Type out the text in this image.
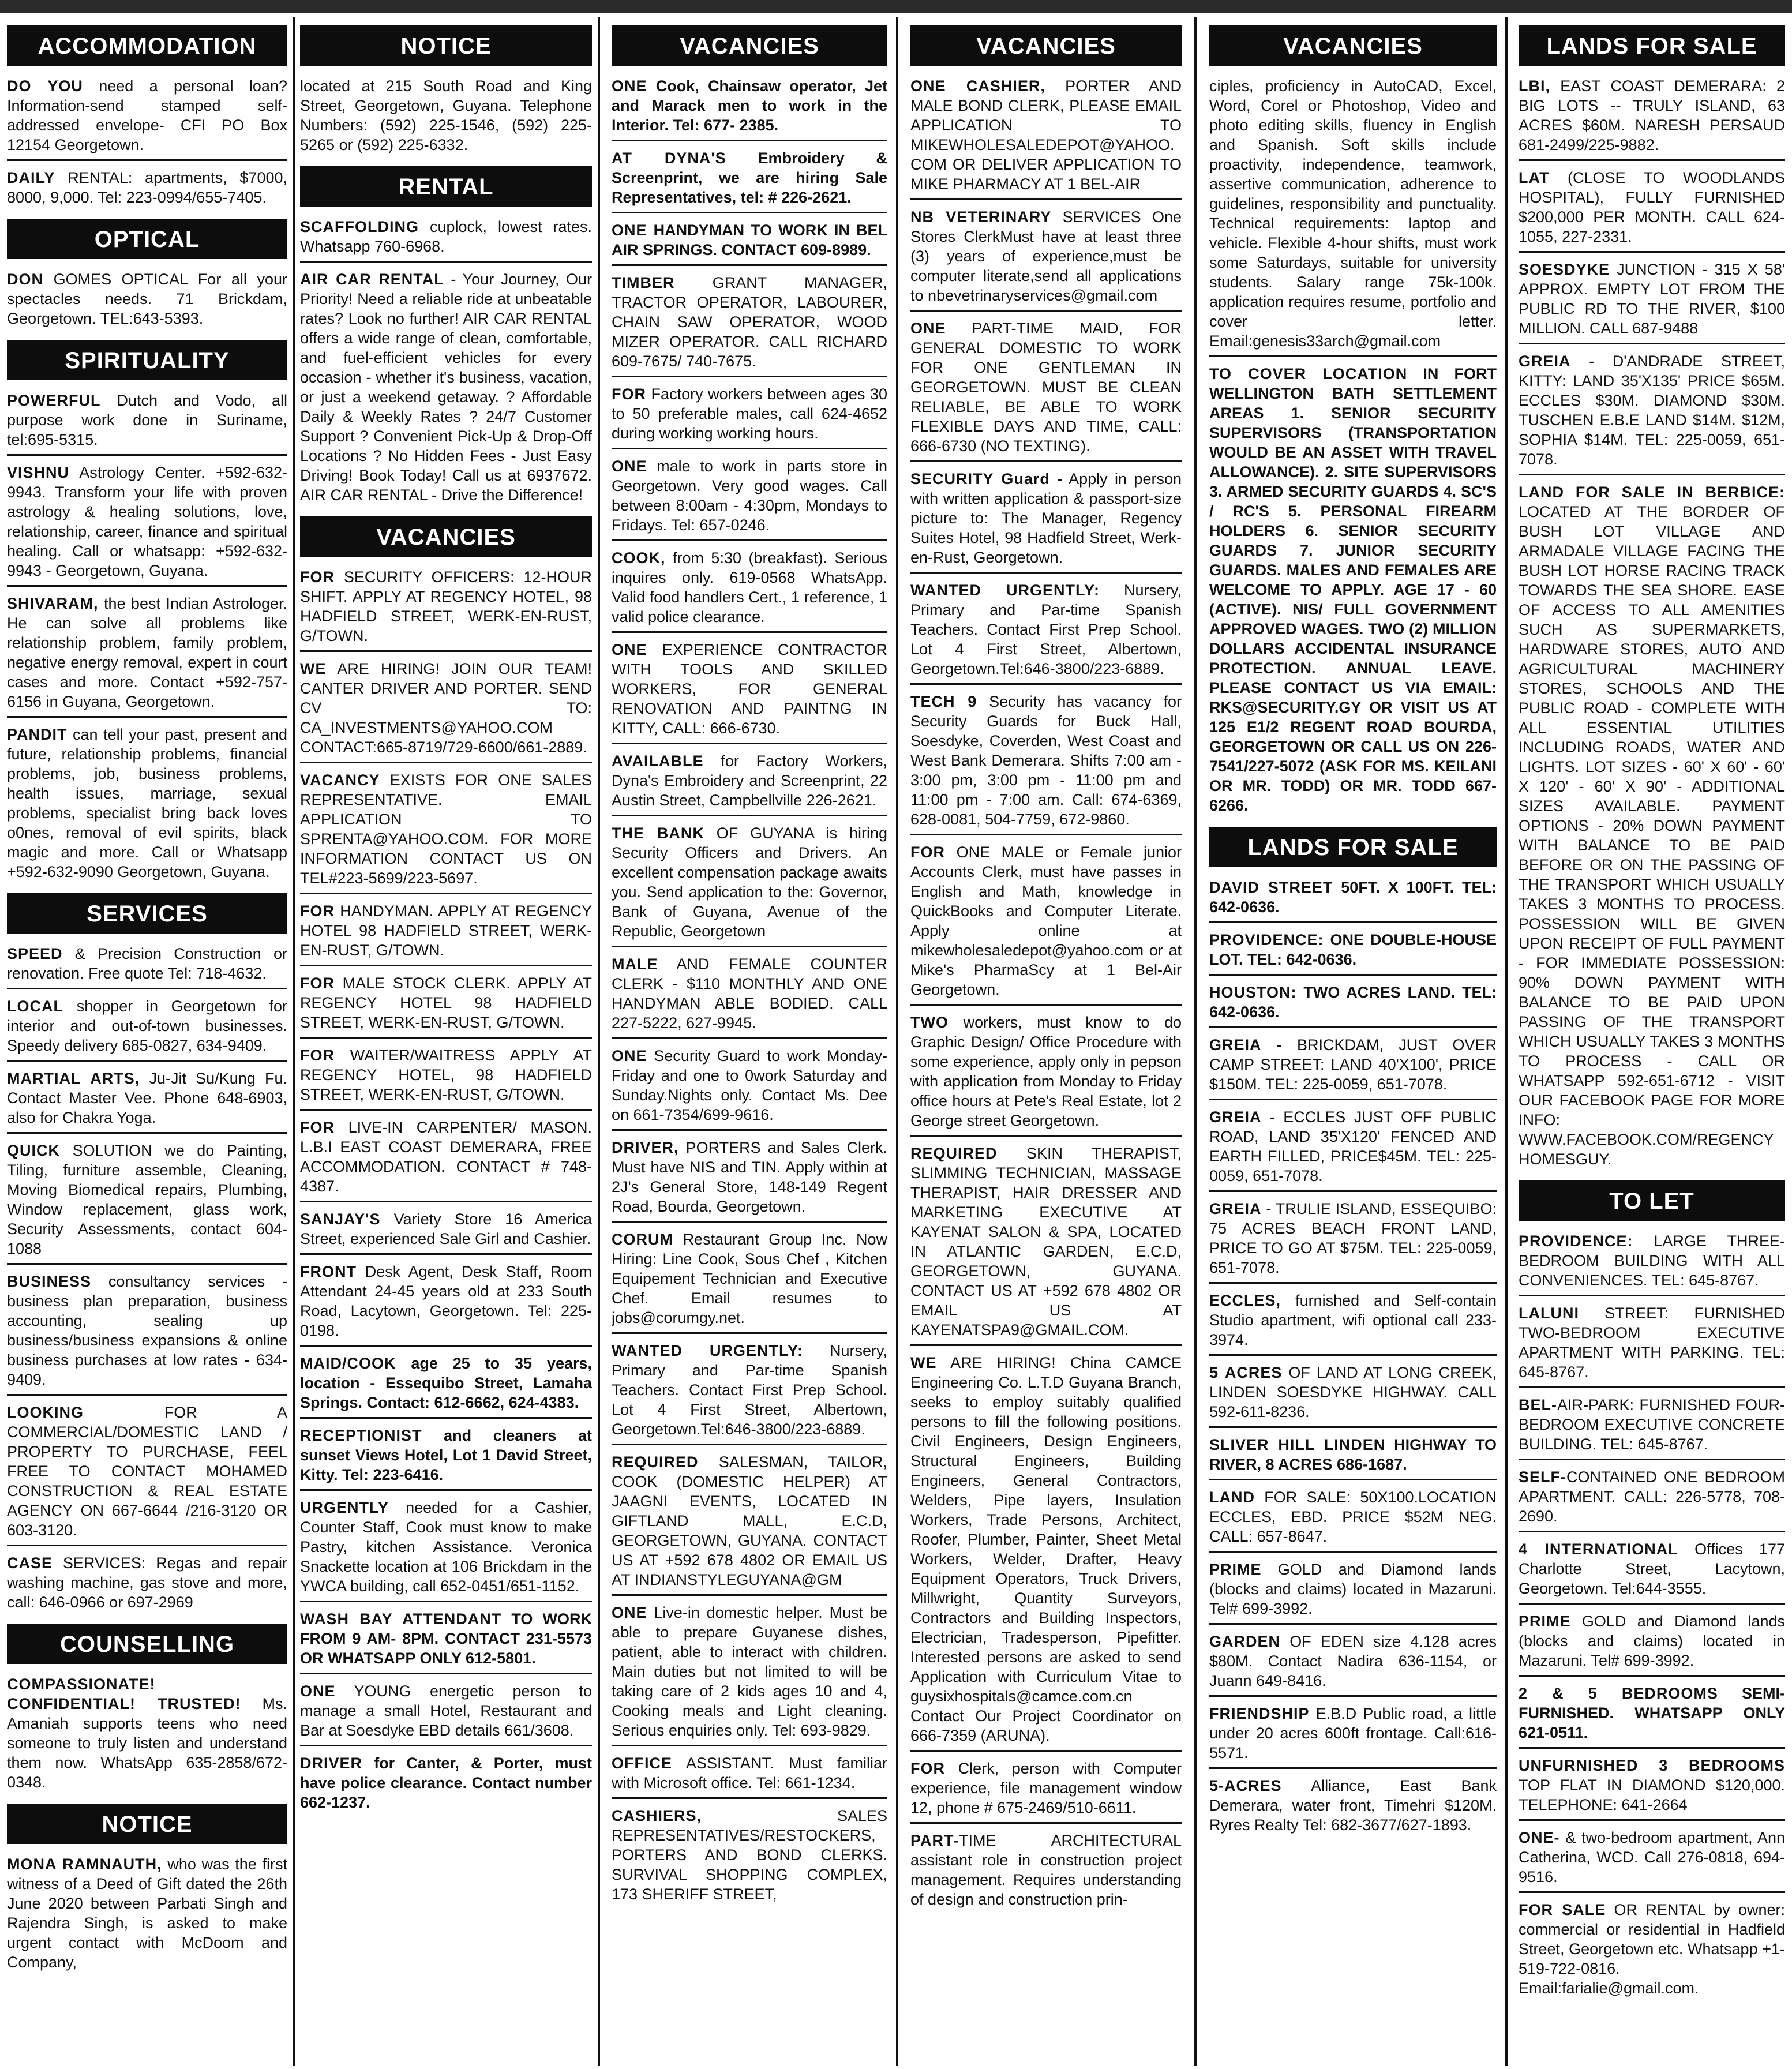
ACCOMMODATION
DO YOU need a personal loan? Information-send stamped self-addressed envelope- CFI PO Box 12154 Georgetown.
DAILY RENTAL: apartments, $7000, 8000, 9,000. Tel: 223-0994/655-7405.
OPTICAL
DON GOMES OPTICAL For all your spectacles needs. 71 Brickdam, Georgetown. TEL:643-5393.
SPIRITUALITY
POWERFUL Dutch and Vodo, all purpose work done in Suriname, tel:695-5315.
VISHNU Astrology Center. +592-632-9943. Transform your life with proven astrology & healing solutions, love, relationship, career, finance and spiritual healing. Call or whatsapp: +592-632-9943 - Georgetown, Guyana.
SHIVARAM, the best Indian Astrologer. He can solve all problems like relationship problem, family problem, negative energy removal, expert in court cases and more. Contact +592-757-6156 in Guyana, Georgetown.
PANDIT can tell your past, present and future, relationship problems, financial problems, job, business problems, health issues, marriage, sexual problems, specialist bring back loves o0nes, removal of evil spirits, black magic and more. Call or Whatsapp +592-632-9090 Georgetown, Guyana.
SERVICES
SPEED & Precision Construction or renovation. Free quote Tel: 718-4632.
LOCAL shopper in Georgetown for interior and out-of-town businesses. Speedy delivery 685-0827, 634-9409.
MARTIAL ARTS, Ju-Jit Su/Kung Fu. Contact Master Vee. Phone 648-6903, also for Chakra Yoga.
QUICK SOLUTION we do Painting, Tiling, furniture assemble, Cleaning, Moving Biomedical repairs, Plumbing, Window replacement, glass work, Security Assessments, contact 604-1088
BUSINESS consultancy services - business plan preparation, business accounting, sealing up business/business expansions & online business purchases at low rates - 634-9409.
LOOKING FOR A COMMERCIAL/DOMESTIC LAND / PROPERTY TO PURCHASE, FEEL FREE TO CONTACT MOHAMED CONSTRUCTION & REAL ESTATE AGENCY ON 667-6644 /216-3120 OR 603-3120.
CASE SERVICES: Regas and repair washing machine, gas stove and more, call: 646-0966 or 697-2969
COUNSELLING
COMPASSIONATE! CONFIDENTIAL! TRUSTED! Ms. Amaniah supports teens who need someone to truly listen and understand them now. WhatsApp 635-2858/672-0348.
NOTICE
MONA RAMNAUTH, who was the first witness of a Deed of Gift dated the 26th June 2020 between Parbati Singh and Rajendra Singh, is asked to make urgent contact with McDoom and Company,
NOTICE
located at 215 South Road and King Street, Georgetown, Guyana. Telephone Numbers: (592) 225-1546, (592) 225-5265 or (592) 225-6332.
RENTAL
SCAFFOLDING cuplock, lowest rates. Whatsapp 760-6968.
AIR CAR RENTAL - Your Journey, Our Priority! Need a reliable ride at unbeatable rates? Look no further! AIR CAR RENTAL offers a wide range of clean, comfortable, and fuel-efficient vehicles for every occasion - whether it's business, vacation, or just a weekend getaway. ? Affordable Daily & Weekly Rates ? 24/7 Customer Support ? Convenient Pick-Up & Drop-Off Locations ? No Hidden Fees - Just Easy Driving! Book Today! Call us at 6937672. AIR CAR RENTAL - Drive the Difference!
VACANCIES
FOR SECURITY OFFICERS: 12-HOUR SHIFT. APPLY AT REGENCY HOTEL, 98 HADFIELD STREET, WERK-EN-RUST, G/TOWN.
WE ARE HIRING! JOIN OUR TEAM! CANTER DRIVER AND PORTER. SEND CV TO: CA_INVESTMENTS@YAHOO.COM CONTACT:665-8719/729-6600/661-2889.
VACANCY EXISTS FOR ONE SALES REPRESENTATIVE. EMAIL APPLICATION TO SPRENTA@YAHOO.COM. FOR MORE INFORMATION CONTACT US ON TEL#223-5699/223-5697.
FOR HANDYMAN. APPLY AT REGENCY HOTEL 98 HADFIELD STREET, WERK-EN-RUST, G/TOWN.
FOR MALE STOCK CLERK. APPLY AT REGENCY HOTEL 98 HADFIELD STREET, WERK-EN-RUST, G/TOWN.
FOR WAITER/WAITRESS APPLY AT REGENCY HOTEL, 98 HADFIELD STREET, WERK-EN-RUST, G/TOWN.
FOR LIVE-IN CARPENTER/ MASON. L.B.I EAST COAST DEMERARA, FREE ACCOMMODATION. CONTACT # 748-4387.
SANJAY'S Variety Store 16 America Street, experienced Sale Girl and Cashier.
FRONT Desk Agent, Desk Staff, Room Attendant 24-45 years old at 233 South Road, Lacytown, Georgetown. Tel: 225-0198.
MAID/COOK age 25 to 35 years, location - Essequibo Street, Lamaha Springs. Contact: 612-6662, 624-4383.
RECEPTIONIST and cleaners at sunset Views Hotel, Lot 1 David Street, Kitty. Tel: 223-6416.
URGENTLY needed for a Cashier, Counter Staff, Cook must know to make Pastry, kitchen Assistance. Veronica Snackette location at 106 Brickdam in the YWCA building, call 652-0451/651-1152.
WASH BAY ATTENDANT TO WORK FROM 9 AM- 8PM. CONTACT 231-5573 OR WHATSAPP ONLY 612-5801.
ONE YOUNG energetic person to manage a small Hotel, Restaurant and Bar at Soesdyke EBD details 661/3608.
DRIVER for Canter, & Porter, must have police clearance. Contact number 662-1237.
VACANCIES
ONE Cook, Chainsaw operator, Jet and Marack men to work in the Interior. Tel: 677- 2385.
AT DYNA'S Embroidery & Screenprint, we are hiring Sale Representatives, tel: # 226-2621.
ONE HANDYMAN TO WORK IN BEL AIR SPRINGS. CONTACT 609-8989.
TIMBER GRANT MANAGER, TRACTOR OPERATOR, LABOURER, CHAIN SAW OPERATOR, WOOD MIZER OPERATOR. CALL RICHARD 609-7675/ 740-7675.
FOR Factory workers between ages 30 to 50 preferable males, call 624-4652 during working working hours.
ONE male to work in parts store in Georgetown. Very good wages. Call between 8:00am - 4:30pm, Mondays to Fridays. Tel: 657-0246.
COOK, from 5:30 (breakfast). Serious inquires only. 619-0568 WhatsApp. Valid food handlers Cert., 1 reference, 1 valid police clearance.
ONE EXPERIENCE CONTRACTOR WITH TOOLS AND SKILLED WORKERS, FOR GENERAL RENOVATION AND PAINTNG IN KITTY, CALL: 666-6730.
AVAILABLE for Factory Workers, Dyna's Embroidery and Screenprint, 22 Austin Street, Campbellville 226-2621.
THE BANK OF GUYANA is hiring Security Officers and Drivers. An excellent compensation package awaits you. Send application to the: Governor, Bank of Guyana, Avenue of the Republic, Georgetown
MALE AND FEMALE COUNTER CLERK - $110 MONTHLY AND ONE HANDYMAN ABLE BODIED. CALL 227-5222, 627-9945.
ONE Security Guard to work Monday-Friday and one to 0work Saturday and Sunday.Nights only. Contact Ms. Dee on 661-7354/699-9616.
DRIVER, PORTERS and Sales Clerk. Must have NIS and TIN. Apply within at 2J's General Store, 148-149 Regent Road, Bourda, Georgetown.
CORUM Restaurant Group Inc. Now Hiring: Line Cook, Sous Chef , Kitchen Equipement Technician and Executive Chef. Email resumes to jobs@corumgy.net.
WANTED URGENTLY: Nursery, Primary and Par-time Spanish Teachers. Contact First Prep School. Lot 4 First Street, Albertown, Georgetown.Tel:646-3800/223-6889.
REQUIRED SALESMAN, TAILOR, COOK (DOMESTIC HELPER) AT JAAGNI EVENTS, LOCATED IN GIFTLAND MALL, E.C.D, GEORGETOWN, GUYANA. CONTACT US AT +592 678 4802 OR EMAIL US AT INDIANSTYLEGUYANA@GM
ONE Live-in domestic helper. Must be able to prepare Guyanese dishes, patient, able to interact with children. Main duties but not limited to will be taking care of 2 kids ages 10 and 4, Cooking meals and Light cleaning. Serious enquiries only. Tel: 693-9829.
OFFICE ASSISTANT. Must familiar with Microsoft office. Tel: 661-1234.
CASHIERS, SALES REPRESENTATIVES/RESTOCKERS, PORTERS AND BOND CLERKS. SURVIVAL SHOPPING COMPLEX, 173 SHERIFF STREET,
VACANCIES
ONE CASHIER, PORTER AND MALE BOND CLERK, PLEASE EMAIL APPLICATION TO MIKEWHOLESALEDEPOT@YAHOO.COM OR DELIVER APPLICATION TO MIKE PHARMACY AT 1 BEL-AIR
NB VETERINARY SERVICES One Stores ClerkMust have at least three (3) years of experience,must be computer literate,send all applications to nbevetrinaryservices@gmail.com
ONE PART-TIME MAID, FOR GENERAL DOMESTIC TO WORK FOR ONE GENTLEMAN IN GEORGETOWN. MUST BE CLEAN RELIABLE, BE ABLE TO WORK FLEXIBLE DAYS AND TIME, CALL: 666-6730 (NO TEXTING).
SECURITY Guard - Apply in person with written application & passport-size picture to: The Manager, Regency Suites Hotel, 98 Hadfield Street, Werk-en-Rust, Georgetown.
WANTED URGENTLY: Nursery, Primary and Par-time Spanish Teachers. Contact First Prep School. Lot 4 First Street, Albertown, Georgetown.Tel:646-3800/223-6889.
TECH 9 Security has vacancy for Security Guards for Buck Hall, Soesdyke, Coverden, West Coast and West Bank Demerara. Shifts 7:00 am - 3:00 pm, 3:00 pm - 11:00 pm and 11:00 pm - 7:00 am. Call: 674-6369, 628-0081, 504-7759, 672-9860.
FOR ONE MALE or Female junior Accounts Clerk, must have passes in English and Math, knowledge in QuickBooks and Computer Literate. Apply online at mikewholesaledepot@yahoo.com or at Mike's PharmaScy at 1 Bel-Air Georgetown.
TWO workers, must know to do Graphic Design/ Office Procedure with some experience, apply only in pepson with application from Monday to Friday office hours at Pete's Real Estate, lot 2 George street Georgetown.
REQUIRED SKIN THERAPIST, SLIMMING TECHNICIAN, MASSAGE THERAPIST, HAIR DRESSER AND MARKETING EXECUTIVE AT KAYENAT SALON & SPA, LOCATED IN ATLANTIC GARDEN, E.C.D, GEORGETOWN, GUYANA. CONTACT US AT +592 678 4802 OR EMAIL US AT KAYENATSPA9@GMAIL.COM.
WE ARE HIRING! China CAMCE Engineering Co. L.T.D Guyana Branch, seeks to employ suitably qualified persons to fill the following positions. Civil Engineers, Design Engineers, Structural Engineers, Building Engineers, General Contractors, Welders, Pipe layers, Insulation Workers, Trade Persons, Architect, Roofer, Plumber, Painter, Sheet Metal Workers, Welder, Drafter, Heavy Equipment Operators, Truck Drivers, Millwright, Quantity Surveyors, Contractors and Building Inspectors, Electrician, Tradesperson, Pipefitter. Interested persons are asked to send Application with Curriculum Vitae to guysixhospitals@camce.com.cn Contact Our Project Coordinator on 666-7359 (ARUNA).
FOR Clerk, person with Computer experience, file management window 12, phone # 675-2469/510-6611.
PART-TIME ARCHITECTURAL assistant role in construction project management. Requires understanding of design and construction prin-
VACANCIES
ciples, proficiency in AutoCAD, Excel, Word, Corel or Photoshop, Video and photo editing skills, fluency in English and Spanish. Soft skills include proactivity, independence, teamwork, assertive communication, adherence to guidelines, responsibility and punctuality. Technical requirements: laptop and vehicle. Flexible 4-hour shifts, must work some Saturdays, suitable for university students. Salary range 75k-100k. application requires resume, portfolio and cover letter. Email:genesis33arch@gmail.com
TO COVER LOCATION IN FORT WELLINGTON BATH SETTLEMENT AREAS 1. SENIOR SECURITY SUPERVISORS (TRANSPORTATION WOULD BE AN ASSET WITH TRAVEL ALLOWANCE). 2. SITE SUPERVISORS 3. ARMED SECURITY GUARDS 4. SC'S / RC'S 5. PERSONAL FIREARM HOLDERS 6. SENIOR SECURITY GUARDS 7. JUNIOR SECURITY GUARDS. MALES AND FEMALES ARE WELCOME TO APPLY. AGE 17 - 60 (ACTIVE). NIS/ FULL GOVERNMENT APPROVED WAGES. TWO (2) MILLION DOLLARS ACCIDENTAL INSURANCE PROTECTION. ANNUAL LEAVE. PLEASE CONTACT US VIA EMAIL: RKS@SECURITY.GY OR VISIT US AT 125 E1/2 REGENT ROAD BOURDA, GEORGETOWN OR CALL US ON 226-7541/227-5072 (ASK FOR MS. KEILANI OR MR. TODD) OR MR. TODD 667-6266.
LANDS FOR SALE
DAVID STREET 50FT. X 100FT. TEL: 642-0636.
PROVIDENCE: ONE DOUBLE-HOUSE LOT. TEL: 642-0636.
HOUSTON: TWO ACRES LAND. TEL: 642-0636.
GREIA - BRICKDAM, JUST OVER CAMP STREET: LAND 40'X100', PRICE $150M. TEL: 225-0059, 651-7078.
GREIA - ECCLES JUST OFF PUBLIC ROAD, LAND 35'X120' FENCED AND EARTH FILLED, PRICE$45M. TEL: 225-0059, 651-7078.
GREIA - TRULIE ISLAND, ESSEQUIBO: 75 ACRES BEACH FRONT LAND, PRICE TO GO AT $75M. TEL: 225-0059, 651-7078.
ECCLES, furnished and Self-contain Studio apartment, wifi optional call 233-3974.
5 ACRES OF LAND AT LONG CREEK, LINDEN SOESDYKE HIGHWAY. CALL 592-611-8236.
SLIVER HILL LINDEN HIGHWAY TO RIVER, 8 ACRES 686-1687.
LAND FOR SALE: 50X100.LOCATION ECCLES, EBD. PRICE $52M NEG. CALL: 657-8647.
PRIME GOLD and Diamond lands (blocks and claims) located in Mazaruni. Tel# 699-3992.
GARDEN OF EDEN size 4.128 acres $80M. Contact Nadira 636-1154, or Juann 649-8416.
FRIENDSHIP E.B.D Public road, a little under 20 acres 600ft frontage. Call:616-5571.
5-ACRES Alliance, East Bank Demerara, water front, Timehri $120M. Ryres Realty Tel: 682-3677/627-1893.
LANDS FOR SALE
LBI, EAST COAST DEMERARA: 2 BIG LOTS -- TRULY ISLAND, 63 ACRES $60M. NARESH PERSAUD 681-2499/225-9882.
LAT (CLOSE TO WOODLANDS HOSPITAL), FULLY FURNISHED $200,000 PER MONTH. CALL 624-1055, 227-2331.
SOESDYKE JUNCTION - 315 X 58' APPROX. EMPTY LOT FROM THE PUBLIC RD TO THE RIVER, $100 MILLION. CALL 687-9488
GREIA - D'ANDRADE STREET, KITTY: LAND 35'X135' PRICE $65M. ECCLES $30M. DIAMOND $30M. TUSCHEN E.B.E LAND $14M. $12M, SOPHIA $14M. TEL: 225-0059, 651-7078.
LAND FOR SALE IN BERBICE: LOCATED AT THE BORDER OF BUSH LOT VILLAGE AND ARMADALE VILLAGE FACING THE BUSH LOT HORSE RACING TRACK TOWARDS THE SEA SHORE. EASE OF ACCESS TO ALL AMENITIES SUCH AS SUPERMARKETS, HARDWARE STORES, AUTO AND AGRICULTURAL MACHINERY STORES, SCHOOLS AND THE PUBLIC ROAD - COMPLETE WITH ALL ESSENTIAL UTILITIES INCLUDING ROADS, WATER AND LIGHTS. LOT SIZES - 60' X 60' - 60' X 120' - 60' X 90' - ADDITIONAL SIZES AVAILABLE. PAYMENT OPTIONS - 20% DOWN PAYMENT WITH BALANCE TO BE PAID BEFORE OR ON THE PASSING OF THE TRANSPORT WHICH USUALLY TAKES 3 MONTHS TO PROCESS. POSSESSION WILL BE GIVEN UPON RECEIPT OF FULL PAYMENT - FOR IMMEDIATE POSSESSION: 90% DOWN PAYMENT WITH BALANCE TO BE PAID UPON PASSING OF THE TRANSPORT WHICH USUALLY TAKES 3 MONTHS TO PROCESS - CALL OR WHATSAPP 592-651-6712 - VISIT OUR FACEBOOK PAGE FOR MORE INFO: WWW.FACEBOOK.COM/REGENCYHOMESGUY.
TO LET
PROVIDENCE: LARGE THREE-BEDROOM BUILDING WITH ALL CONVENIENCES. TEL: 645-8767.
LALUNI STREET: FURNISHED TWO-BEDROOM EXECUTIVE APARTMENT WITH PARKING. TEL: 645-8767.
BEL-AIR-PARK: FURNISHED FOUR-BEDROOM EXECUTIVE CONCRETE BUILDING. TEL: 645-8767.
SELF-CONTAINED ONE BEDROOM APARTMENT. CALL: 226-5778, 708-2690.
4 INTERNATIONAL Offices 177 Charlotte Street, Lacytown, Georgetown. Tel:644-3555.
PRIME GOLD and Diamond lands (blocks and claims) located in Mazaruni. Tel# 699-3992.
2 & 5 BEDROOMS SEMI-FURNISHED. WHATSAPP ONLY 621-0511.
UNFURNISHED 3 BEDROOMS TOP FLAT IN DIAMOND $120,000. TELEPHONE: 641-2664
ONE- & two-bedroom apartment, Ann Catherina, WCD. Call 276-0818, 694-9516.
FOR SALE OR RENTAL by owner: commercial or residential in Hadfield Street, Georgetown etc. Whatsapp +1-519-722-0816. Email:farialie@gmail.com.
